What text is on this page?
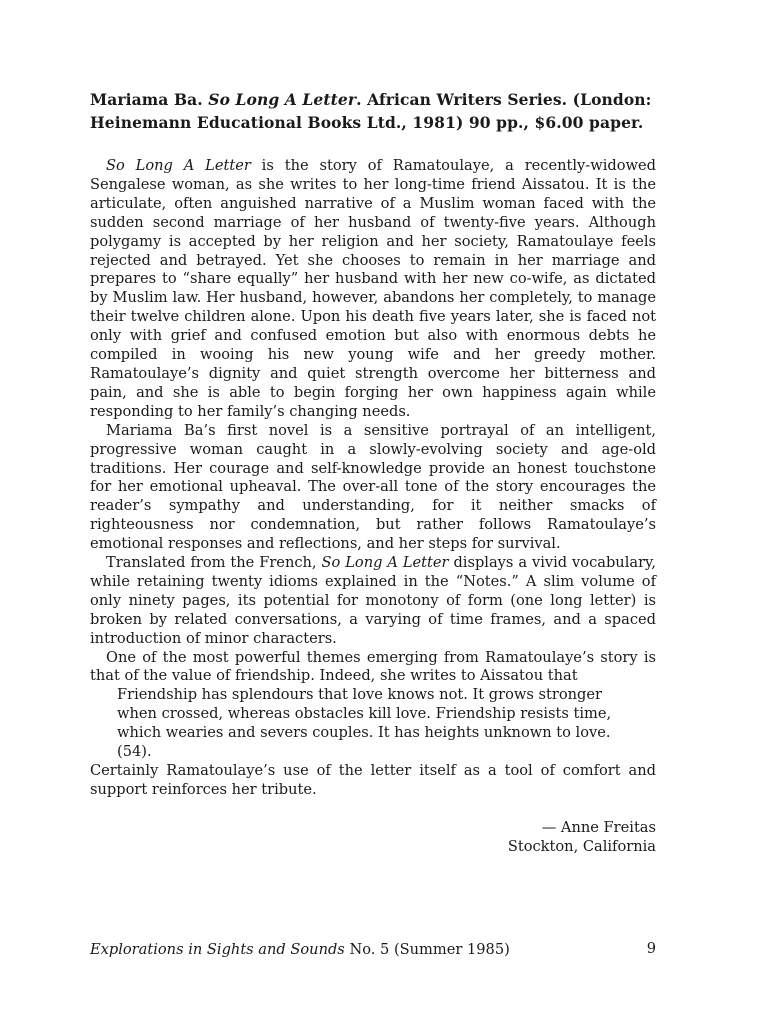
Mariama Ba. So Long A Letter. African Writers Series. (London:
Heinemann Educational Books Ltd., 1981) 90 pp., $6.00 paper.

So Long A Letter is the story of Ramatoulaye, a recently-widowed Sengalese woman, as she writes to her long-time friend Aissatou. It is the articulate, often anguished narrative of a Muslim woman faced with the sudden second marriage of her husband of twenty-five years. Although polygamy is accepted by her religion and her society, Ramatoulaye feels rejected and betrayed. Yet she chooses to remain in her marriage and prepares to “share equally” her husband with her new co-wife, as dictated by Muslim law. Her husband, however, abandons her completely, to manage their twelve children alone. Upon his death five years later, she is faced not only with grief and confused emotion but also with enormous debts he compiled in wooing his new young wife and her greedy mother. Ramatoulaye’s dignity and quiet strength overcome her bitterness and pain, and she is able to begin forging her own happiness again while responding to her family’s changing needs.

Mariama Ba’s first novel is a sensitive portrayal of an intelligent, progressive woman caught in a slowly-evolving society and age-old traditions. Her courage and self-knowledge provide an honest touchstone for her emotional upheaval. The over-all tone of the story encourages the reader’s sympathy and understanding, for it neither smacks of righteousness nor condemnation, but rather follows Ramatoulaye’s emotional responses and reflections, and her steps for survival.

Translated from the French, So Long A Letter displays a vivid vocabulary, while retaining twenty idioms explained in the “Notes.” A slim volume of only ninety pages, its potential for monotony of form (one long letter) is broken by related conversations, a varying of time frames, and a spaced introduction of minor characters.

One of the most powerful themes emerging from Ramatoulaye’s story is that of the value of friendship. Indeed, she writes to Aissatou that

Friendship has splendours that love knows not. It grows stronger
when crossed, whereas obstacles kill love. Friendship resists time,
which wearies and severs couples. It has heights unknown to love.
(54).

Certainly Ramatoulaye’s use of the letter itself as a tool of comfort and support reinforces her tribute.

— Anne Freitas
Stockton, California
Explorations in Sights and Sounds No. 5 (Summer 1985)	9
